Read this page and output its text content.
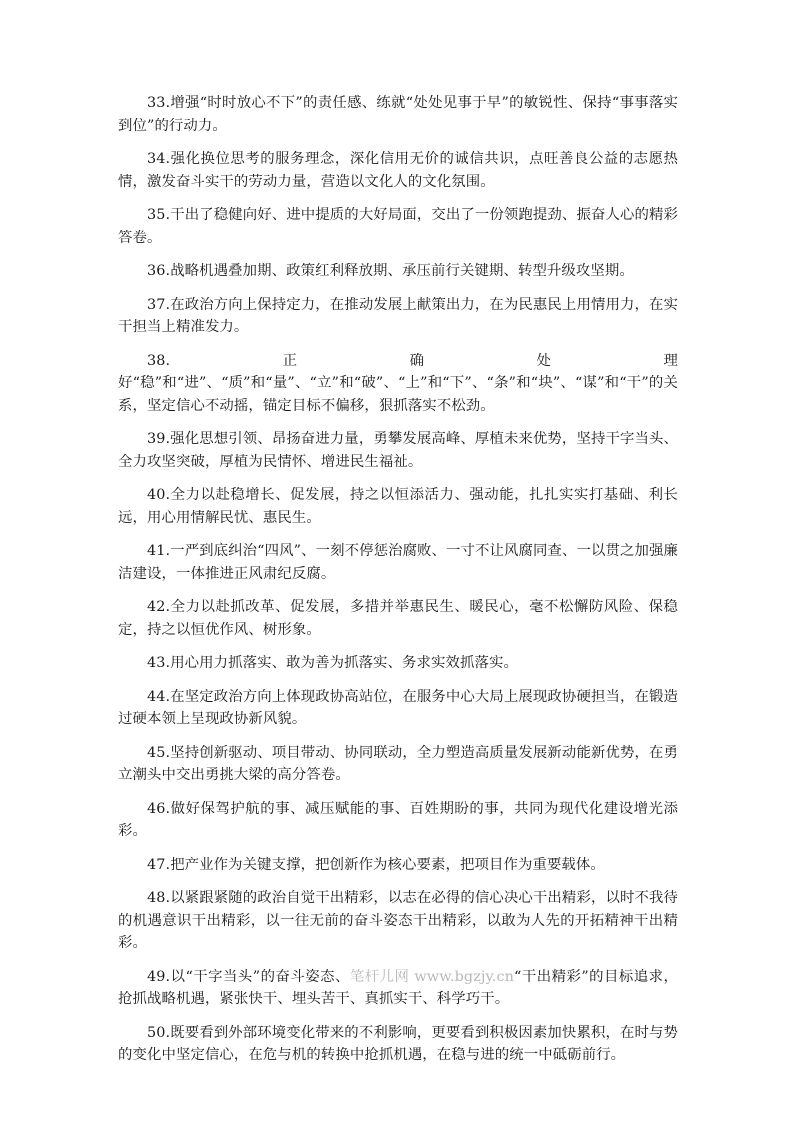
33.增强“时时放心不下”的责任感、练就“处处见事于早”的敏锐性、保持“事事落实到位”的行动力。

34.强化换位思考的服务理念，深化信用无价的诚信共识，点旺善良公益的志愿热情，激发奋斗实干的劳动力量，营造以文化人的文化氛围。

35.干出了稳健向好、进中提质的大好局面，交出了一份领跑提劲、振奋人心的精彩答卷。

36.战略机遇叠加期、政策红利释放期、承压前行关键期、转型升级攻坚期。

37.在政治方向上保持定力，在推动发展上献策出力，在为民惠民上用情用力，在实干担当上精准发力。

38.正确处理好“稳”和“进”、“质”和“量”、“立”和“破”、“上”和“下”、“条”和“块”、“谋”和“干”的关系，坚定信心不动摇，锚定目标不偏移，狠抓落实不松劲。

39.强化思想引领、昂扬奋进力量，勇攀发展高峰、厚植未来优势，坚持干字当头、全力攻坚突破，厚植为民情怀、增进民生福祉。

40.全力以赴稳增长、促发展，持之以恒添活力、强动能，扎扎实实打基础、利长远，用心用情解民忧、惠民生。

41.一严到底纠治“四风”、一刻不停惩治腐败、一寸不让风腐同查、一以贯之加强廉洁建设，一体推进正风肃纪反腐。

42.全力以赴抓改革、促发展，多措并举惠民生、暖民心，毫不松懈防风险、保稳定，持之以恒优作风、树形象。

43.用心用力抓落实、敢为善为抓落实、务求实效抓落实。

44.在坚定政治方向上体现政协高站位，在服务中心大局上展现政协硬担当，在锻造过硬本领上呈现政协新风貌。

45.坚持创新驱动、项目带动、协同联动，全力塑造高质量发展新动能新优势，在勇立潮头中交出勇挑大梁的高分答卷。

46.做好保驾护航的事、减压赋能的事、百姓期盼的事，共同为现代化建设增光添彩。

47.把产业作为关键支撑，把创新作为核心要素，把项目作为重要载体。

48.以紧跟紧随的政治自觉干出精彩，以志在必得的信心决心干出精彩，以时不我待的机遇意识干出精彩，以一往无前的奋斗姿态干出精彩，以敢为人先的开拓精神干出精彩。

49.以“干字当头”的奋斗姿态、笔杆儿网 www.bgzjy.cn“干出精彩”的目标追求，抢抓战略机遇，紧张快干、埋头苦干、真抓实干、科学巧干。

50.既要看到外部环境变化带来的不利影响，更要看到积极因素加快累积，在时与势的变化中坚定信心，在危与机的转换中抢抓机遇，在稳与进的统一中砥砺前行。
